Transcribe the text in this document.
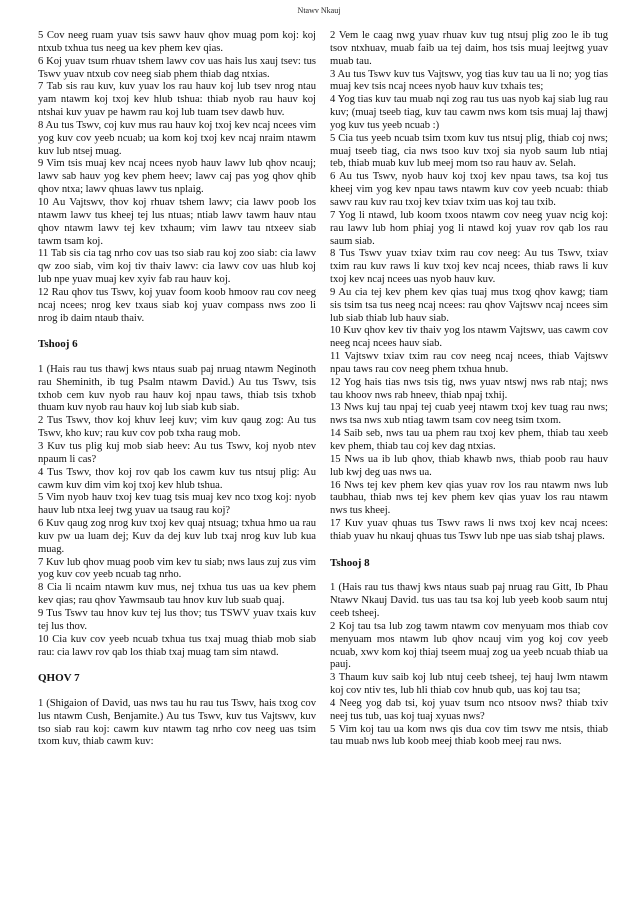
Ntawv Nkauj

5 Cov neeg ruam yuav tsis sawv hauv qhov muag pom koj: koj ntxub txhua tus neeg ua kev phem kev qias.

6 Koj yuav tsum rhuav tshem lawv cov uas hais lus xauj tsev: tus Tswv yuav ntxub cov neeg siab phem thiab dag ntxias.

7 Tab sis rau kuv, kuv yuav los rau hauv koj lub tsev nrog ntau yam ntawm koj txoj kev hlub tshua: thiab nyob rau hauv koj ntshai kuv yuav pe hawm rau koj lub tuam tsev dawb huv.

8 Au tus Tswv, coj kuv mus rau hauv koj txoj kev ncaj ncees vim yog kuv cov yeeb ncuab; ua kom koj txoj kev ncaj nraim ntawm kuv lub ntsej muag.

9 Vim tsis muaj kev ncaj ncees nyob hauv lawv lub qhov ncauj; lawv sab hauv yog kev phem heev; lawv caj pas yog qhov qhib qhov ntxa; lawv qhuas lawv tus nplaig.

10 Au Vajtswv, thov koj rhuav tshem lawv; cia lawv poob los ntawm lawv tus kheej tej lus ntuas; ntiab lawv tawm hauv ntau qhov ntawm lawv tej kev txhaum; vim lawv tau ntxeev siab tawm tsam koj.

11 Tab sis cia tag nrho cov uas tso siab rau koj zoo siab: cia lawv qw zoo siab, vim koj tiv thaiv lawv: cia lawv cov uas hlub koj lub npe yuav muaj kev xyiv fab rau hauv koj.

12 Rau qhov tus Tswv, koj yuav foom koob hmoov rau cov neeg ncaj ncees; nrog kev txaus siab koj yuav compass nws zoo li nrog ib daim ntaub thaiv.

Tshooj 6

1 (Hais rau tus thawj kws ntaus suab paj nruag ntawm Neginoth rau Sheminith, ib tug Psalm ntawm David.) Au tus Tswv, tsis txhob cem kuv nyob rau hauv koj npau taws, thiab tsis txhob thuam kuv nyob rau hauv koj lub siab kub siab.

2 Tus Tswv, thov koj khuv leej kuv; vim kuv qaug zog: Au tus Tswv, kho kuv; rau kuv cov pob txha raug mob.

3 Kuv tus plig kuj mob siab heev: Au tus Tswv, koj nyob ntev npaum li cas?

4 Tus Tswv, thov koj rov qab los cawm kuv tus ntsuj plig: Au cawm kuv dim vim koj txoj kev hlub tshua.

5 Vim nyob hauv txoj kev tuag tsis muaj kev nco txog koj: nyob hauv lub ntxa leej twg yuav ua tsaug rau koj?

6 Kuv qaug zog nrog kuv txoj kev quaj ntsuag; txhua hmo ua rau kuv pw ua luam dej; Kuv da dej kuv lub txaj nrog kuv lub kua muag.

7 Kuv lub qhov muag poob vim kev tu siab; nws laus zuj zus vim yog kuv cov yeeb ncuab tag nrho.

8 Cia li ncaim ntawm kuv mus, nej txhua tus uas ua kev phem kev qias; rau qhov Yawmsaub tau hnov kuv lub suab quaj.

9 Tus Tswv tau hnov kuv tej lus thov; tus TSWV yuav txais kuv tej lus thov.

10 Cia kuv cov yeeb ncuab txhua tus txaj muag thiab mob siab rau: cia lawv rov qab los thiab txaj muag tam sim ntawd.

QHOV 7

1 (Shigaion of David, uas nws tau hu rau tus Tswv, hais txog cov lus ntawm Cush, Benjamite.) Au tus Tswv, kuv tus Vajtswv, kuv tso siab rau koj: cawm kuv ntawm tag nrho cov neeg uas tsim txom kuv, thiab cawm kuv:

2 Vem le caag nwg yuav rhuav kuv tug ntsuj plig zoo le ib tug tsov ntxhuav, muab faib ua tej daim, hos tsis muaj leejtwg yuav muab tau.

3 Au tus Tswv kuv tus Vajtswv, yog tias kuv tau ua li no; yog tias muaj kev tsis ncaj ncees nyob hauv kuv txhais tes;

4 Yog tias kuv tau muab nqi zog rau tus uas nyob kaj siab lug rau kuv; (muaj tseeb tiag, kuv tau cawm nws kom tsis muaj laj thawj yog kuv tus yeeb ncuab :)

5 Cia tus yeeb ncuab tsim txom kuv tus ntsuj plig, thiab coj nws; muaj tseeb tiag, cia nws tsoo kuv txoj sia nyob saum lub ntiaj teb, thiab muab kuv lub meej mom tso rau hauv av. Selah.

6 Au tus Tswv, nyob hauv koj txoj kev npau taws, tsa koj tus kheej vim yog kev npau taws ntawm kuv cov yeeb ncuab: thiab sawv rau kuv rau txoj kev txiav txim uas koj tau txib.

7 Yog li ntawd, lub koom txoos ntawm cov neeg yuav ncig koj: rau lawv lub hom phiaj yog li ntawd koj yuav rov qab los rau saum siab.

8 Tus Tswv yuav txiav txim rau cov neeg: Au tus Tswv, txiav txim rau kuv raws li kuv txoj kev ncaj ncees, thiab raws li kuv txoj kev ncaj ncees uas nyob hauv kuv.

9 Au cia tej kev phem kev qias tuaj mus txog qhov kawg; tiam sis tsim tsa tus neeg ncaj ncees: rau qhov Vajtswv ncaj ncees sim lub siab thiab lub hauv siab.

10 Kuv qhov kev tiv thaiv yog los ntawm Vajtswv, uas cawm cov neeg ncaj ncees hauv siab.

11 Vajtswv txiav txim rau cov neeg ncaj ncees, thiab Vajtswv npau taws rau cov neeg phem txhua hnub.

12 Yog hais tias nws tsis tig, nws yuav ntswj nws rab ntaj; nws tau khoov nws rab hneev, thiab npaj txhij.

13 Nws kuj tau npaj tej cuab yeej ntawm txoj kev tuag rau nws; nws tsa nws xub ntiag tawm tsam cov neeg tsim txom.

14 Saib seb, nws tau ua phem rau txoj kev phem, thiab tau xeeb kev phem, thiab tau coj kev dag ntxias.

15 Nws ua ib lub qhov, thiab khawb nws, thiab poob rau hauv lub kwj deg uas nws ua.

16 Nws tej kev phem kev qias yuav rov los rau ntawm nws lub taubhau, thiab nws tej kev phem kev qias yuav los rau ntawm nws tus kheej.

17 Kuv yuav qhuas tus Tswv raws li nws txoj kev ncaj ncees: thiab yuav hu nkauj qhuas tus Tswv lub npe uas siab tshaj plaws.

Tshooj 8

1 (Hais rau tus thawj kws ntaus suab paj nruag rau Gitt, Ib Phau Ntawv Nkauj David. tus uas tau tsa koj lub yeeb koob saum ntuj ceeb tsheej.

2 Koj tau tsa lub zog tawm ntawm cov menyuam mos thiab cov menyuam mos ntawm lub qhov ncauj vim yog koj cov yeeb ncuab, xwv kom koj thiaj tseem muaj zog ua yeeb ncuab thiab ua pauj.

3 Thaum kuv saib koj lub ntuj ceeb tsheej, tej hauj lwm ntawm koj cov ntiv tes, lub hli thiab cov hnub qub, uas koj tau tsa;

4 Neeg yog dab tsi, koj yuav tsum nco ntsoov nws? thiab txiv neej tus tub, uas koj tuaj xyuas nws?

5 Vim koj tau ua kom nws qis dua cov tim tswv me ntsis, thiab tau muab nws lub koob meej thiab koob meej rau nws.
